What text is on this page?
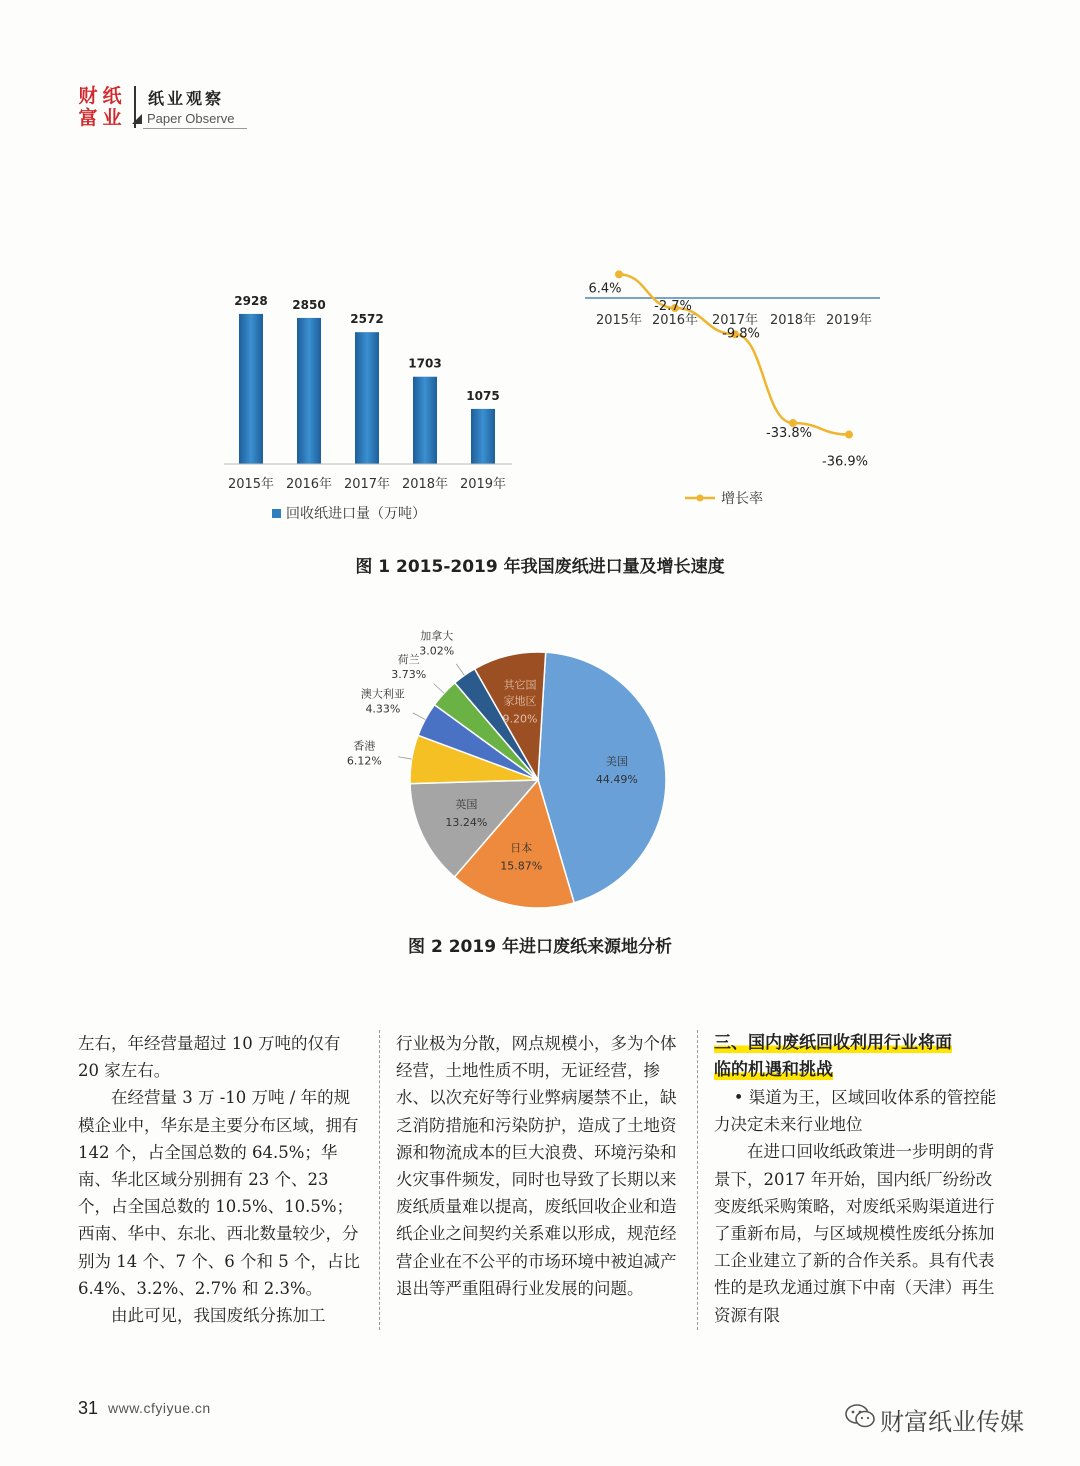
财 纸
富 业
纸业观察
Paper Observe
2928 2850
2572
1703
1075
2015年 2016年 2017年 2018年 2019年
回收纸进口量（万吨）
2015年 2016年 2017年 2018年 2019年
6.4%
-2.7%
-9.8%
-33.8%
-36.9%
增长率
图 1 2015-2019 年我国废纸进口量及增长速度
美国
44.49%
日本
15.87%
英国
13.24%
香港
6.12%
澳大利亚
4.33%
荷兰
3.73%
加拿大
3.02%
其它国
家地区
9.20%
图 2 2019 年进口废纸来源地分析

左右，年经营量超过 10 万吨的仅有

20 家左右。

在经营量 3 万 -10 万吨 / 年的规模企业中，华东是主要分布区域，拥有 142 个，占全国总数的 64.5%；华南、华北区域分别拥有 23 个、23 个，占全国总数的 10.5%、10.5%；西南、华中、东北、西北数量较少，分别为 14 个、7 个、6 个和 5 个，占比 6.4%、3.2%、2.7% 和 2.3%。

由此可见，我国废纸分拣加工

行业极为分散，网点规模小，多为个体经营，土地性质不明，无证经营，掺水、以次充好等行业弊病屡禁不止，缺乏消防措施和污染防护，造成了土地资源和物流成本的巨大浪费、环境污染和火灾事件频发，同时也导致了长期以来废纸质量难以提高，废纸回收企业和造纸企业之间契约关系难以形成，规范经营企业在不公平的市场环境中被迫减产退出等严重阻碍行业发展的问题。

三、国内废纸回收利用行业将面
临的机遇和挑战

• 渠道为王，区域回收体系的管控能力决定未来行业地位

在进口回收纸政策进一步明朗的背景下，2017 年开始，国内纸厂纷纷改变废纸采购策略，对废纸采购渠道进行了重新布局，与区域规模性废纸分拣加工企业建立了新的合作关系。具有代表性的是玖龙通过旗下中南（天津）再生资源有限

31 www.cfyiyue.cn	财富纸业传媒
